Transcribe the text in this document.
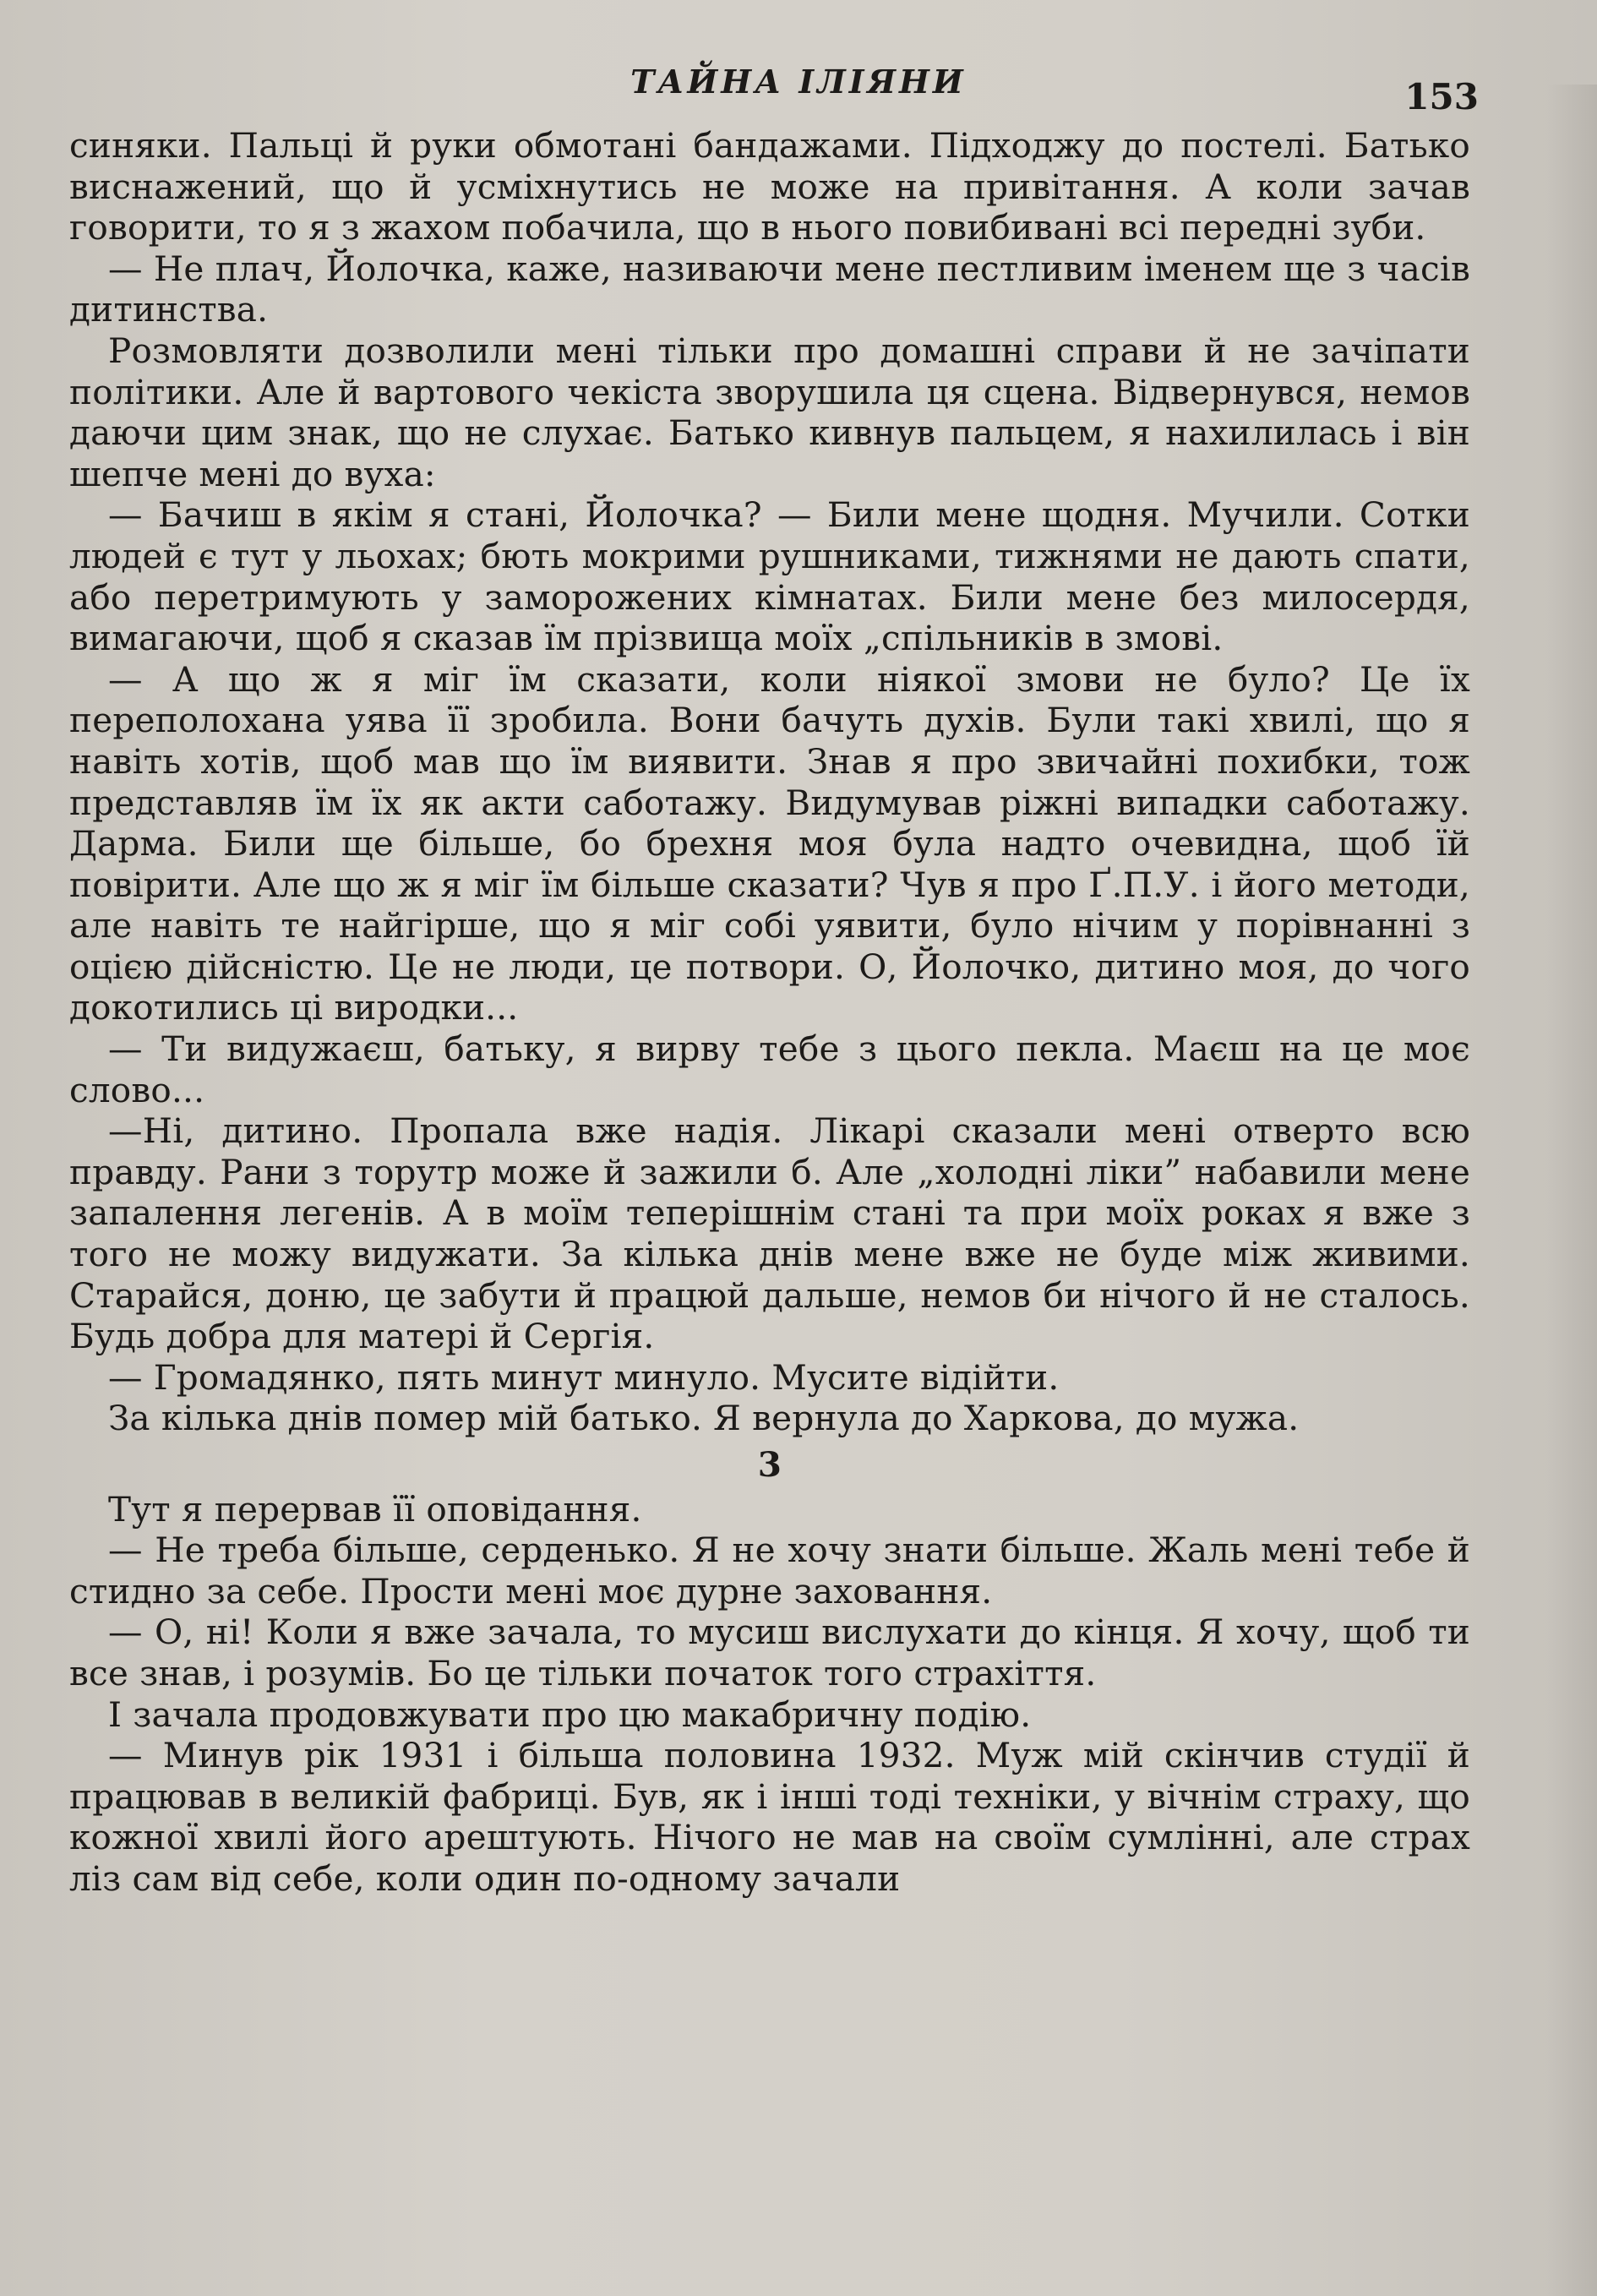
ТАЙНА ІЛІЯНИ	153

синяки. Пальці й руки обмотані бандажами. Підходжу до постелі. Батько виснажений, що й усміхнутись не може на привітання. А коли зачав говорити, то я з жахом побачила, що в нього повибивані всі передні зуби.

— Не плач, Йолочка, каже, називаючи мене пестливим іменем ще з часів дитинства.

Розмовляти дозволили мені тільки про домашні справи й не зачіпати політики. Але й вартового чекіста зворушила ця сцена. Відвернувся, немов даючи цим знак, що не слухає. Батько кивнув пальцем, я нахилилась і він шепче мені до вуха:

— Бачиш в якім я стані, Йолочка? — Били мене щодня. Мучили. Сотки людей є тут у льохах; бють мокрими рушниками, тижнями не дають спати, або перетримують у заморожених кімнатах. Били мене без милосердя, вимагаючи, щоб я сказав їм прізвища моїх „спільників в змові.

— А що ж я міг їм сказати, коли ніякої змови не було? Це їх переполохана уява її зробила. Вони бачуть духів. Були такі хвилі, що я навіть хотів, щоб мав що їм виявити. Знав я про звичайні похибки, тож представляв їм їх як акти саботажу. Видумував ріжні випадки саботажу. Дарма. Били ще більше, бо брехня моя була надто очевидна, щоб їй повірити. Але що ж я міг їм більше сказати? Чув я про Ґ.П.У. і його методи, але навіть те найгірше, що я міг собі уявити, було нічим у порівнанні з оцією дійсністю. Це не люди, це потвори. О, Йолочко, дитино моя, до чого докотились ці виродки...

— Ти видужаєш, батьку, я вирву тебе з цього пекла. Маєш на це моє слово...

—Ні, дитино. Пропала вже надія. Лікарі сказали мені отверто всю правду. Рани з торутр може й зажили б. Але „холодні ліки” набавили мене запалення легенів. А в моїм теперішнім стані та при моїх роках я вже з того не можу видужати. За кілька днів мене вже не буде між живими. Старайся, доню, це забути й працюй дальше, немов би нічого й не сталось. Будь добра для матері й Сергія.

— Громадянко, пять минут минуло. Мусите відійти.

За кілька днів помер мій батько. Я вернула до Харкова, до мужа.

3

Тут я перервав її оповідання.

— Не треба більше, серденько. Я не хочу знати більше. Жаль мені тебе й стидно за себе. Прости мені моє дурне заховання.

— О, ні! Коли я вже зачала, то мусиш вислухати до кінця. Я хочу, щоб ти все знав, і розумів. Бо це тільки початок того страхіття.

І зачала продовжувати про цю макабричну подію.

— Минув рік 1931 і більша половина 1932. Муж мій скінчив студії й працював в великій фабриці. Був, як і інші тоді техніки, у вічнім страху, що кожної хвилі його арештують. Нічого не мав на своїм сумлінні, але страх ліз сам від себе, коли один по-одному зачали
